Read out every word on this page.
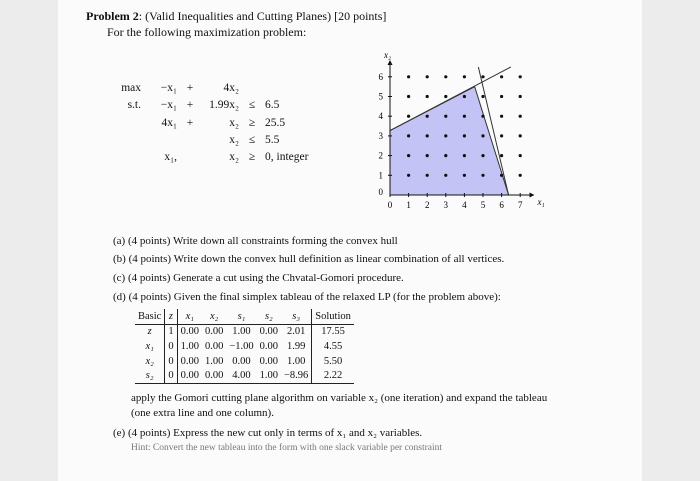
Problem 2: (Valid Inequalities and Cutting Planes) [20 points]
For the following maximization problem:
max	−x₁	+	4x₂		
s.t.	−x₁	+	1.99x₂	≤	6.5
	4x₁	+	x₂	≥	25.5
			x₂	≤	5.5
	x₁,		x₂	≥	0, integer
0 1 2 3 4 5 6 7
0
1
2
3
4
5
6
x₁
x₂
(a) (4 points) Write down all constraints forming the convex hull
(b) (4 points) Write down the convex hull definition as linear combination of all vertices.
(c) (4 points) Generate a cut using the Chvatal-Gomori procedure.
(d) (4 points) Given the final simplex tableau of the relaxed LP (for the problem above):
Basic	z	x₁	x₂	s₁	s₂	s₃	Solution
z	1	0.00	0.00	1.00	0.00	2.01	17.55
x₁	0	1.00	0.00	−1.00	0.00	1.99	4.55
x₂	0	0.00	1.00	0.00	0.00	1.00	5.50
s₂	0	0.00	0.00	4.00	1.00	−8.96	2.22
apply the Gomori cutting plane algorithm on variable x₂ (one iteration) and expand the tableau
(one extra line and one column).
(e) (4 points) Express the new cut only in terms of x₁ and x₂ variables.
Hint: Convert the new tableau into the form with one slack variable per constraint
